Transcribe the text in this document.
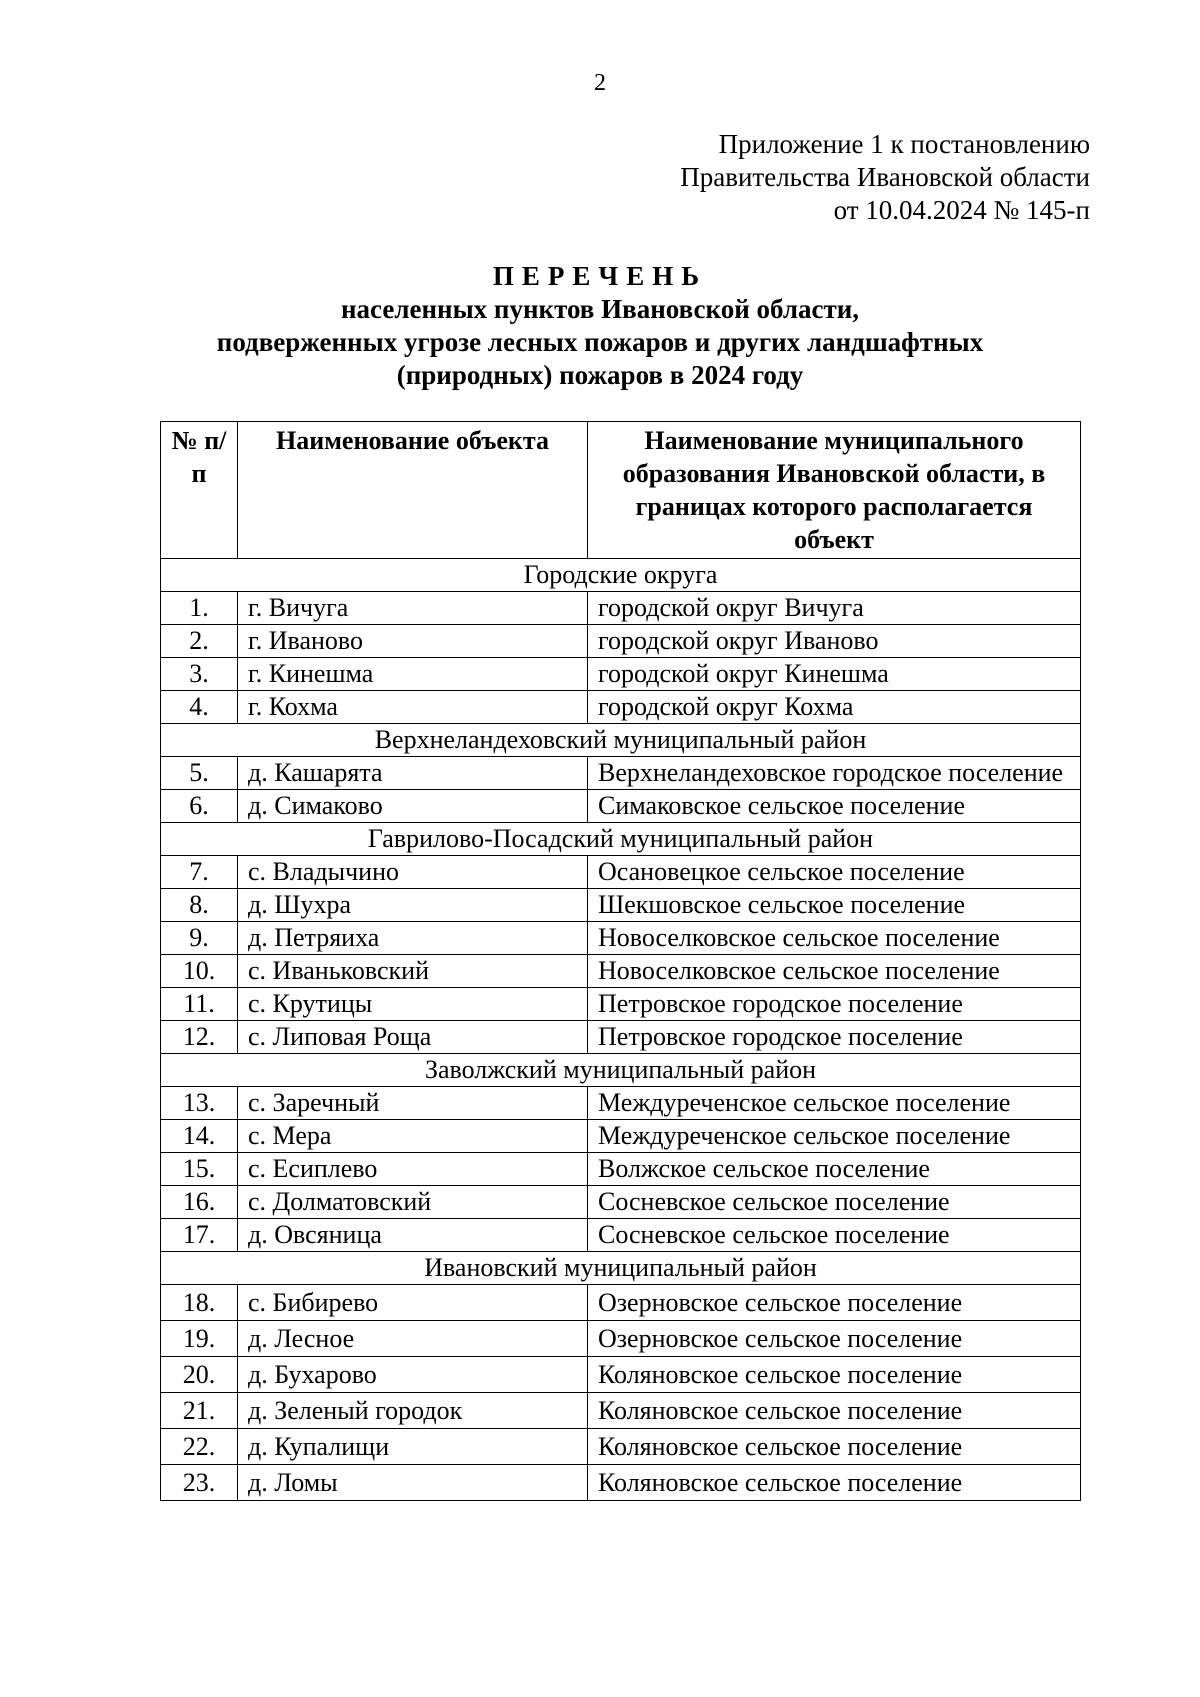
2
Приложение 1 к постановлению
Правительства Ивановской области
от 10.04.2024 № 145-п
ПЕРЕЧЕНЬ
населенных пунктов Ивановской области,
подверженных угрозе лесных пожаров и других ландшафтных
(природных) пожаров в 2024 году
№ п/п	Наименование объекта	Наименование муниципального образования Ивановской области, в границах которого располагается объект
Городские округа		
1.	г. Вичуга	городской округ Вичуга
2.	г. Иваново	городской округ Иваново
3.	г. Кинешма	городской округ Кинешма
4.	г. Кохма	городской округ Кохма
Верхнеландеховский муниципальный район		
5.	д. Кашарята	Верхнеландеховское городское поселение
6.	д. Симаково	Симаковское сельское поселение
Гаврилово-Посадский муниципальный район		
7.	с. Владычино	Осановецкое сельское поселение
8.	д. Шухра	Шекшовское сельское поселение
9.	д. Петряиха	Новоселковское сельское поселение
10.	с. Иваньковский	Новоселковское сельское поселение
11.	с. Крутицы	Петровское городское поселение
12.	с. Липовая Роща	Петровское городское поселение
Заволжский муниципальный район		
13.	с. Заречный	Междуреченское сельское поселение
14.	с. Мера	Междуреченское сельское поселение
15.	с. Есиплево	Волжское сельское поселение
16.	с. Долматовский	Сосневское сельское поселение
17.	д. Овсяница	Сосневское сельское поселение
Ивановский муниципальный район		
18.	с. Бибирево	Озерновское сельское поселение
19.	д. Лесное	Озерновское сельское поселение
20.	д. Бухарово	Коляновское сельское поселение
21.	д. Зеленый городок	Коляновское сельское поселение
22.	д. Купалищи	Коляновское сельское поселение
23.	д. Ломы	Коляновское сельское поселение
